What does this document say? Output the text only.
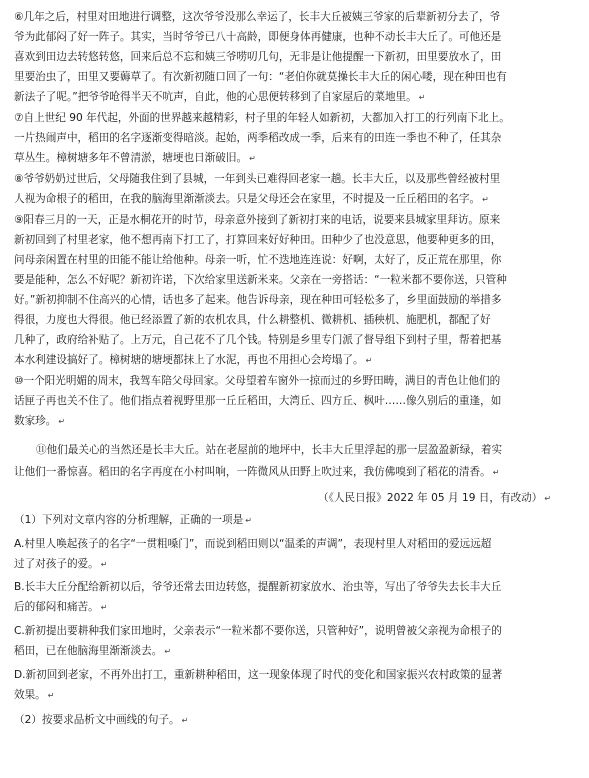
⑥几年之后，村里对田地进行调整，这次爷爷没那么幸运了，长丰大丘被姨三爷家的后辈新初分去了，爷
爷为此郁闷了好一阵子。其实，当时爷爷已八十高龄，即便身体再健康，也种不动长丰大丘了。可他还是
喜欢到田边去转悠转悠，回来后总不忘和姨三爷唠叨几句，无非是让他提醒一下新初，田里要放水了，田
里要治虫了，田里又要薅草了。有次新初随口回了一句：“老伯你就莫操长丰大丘的闲心喽，现在种田也有
新法子了呢。”把爷爷呛得半天不吭声，自此，他的心思便转移到了自家屋后的菜地里。 ↵
⑦自上世纪 90 年代起，外面的世界越来越精彩，村子里的年轻人如新初，大都加入打工的行列南下北上。
一片热闹声中，稻田的名字逐渐变得暗淡。起始，两季稻改成一季，后来有的田连一季也不种了，任其杂
草丛生。樟树塘多年不曾清淤，塘埂也日渐破旧。 ↵
⑧爷爷奶奶过世后，父母随我住到了县城，一年到头已难得回老家一趟。长丰大丘，以及那些曾经被村里
人视为命根子的稻田，在我的脑海里渐渐淡去。只是父母还会在家里，不时提及一丘丘稻田的名字。 ↵
⑨阳春三月的一天，正是水桐花开的时节，母亲意外接到了新初打来的电话，说要来县城家里拜访。原来
新初回到了村里老家，他不想再南下打工了，打算回来好好种田。田种少了也没意思，他要种更多的田，
问母亲闲置在村里的田能不能让给他种。母亲一听，忙不迭地连连说：好啊，太好了，反正荒在那里，你
要是能种，怎么不好呢？新初许诺，下次给家里送新米来。父亲在一旁搭话：“一粒米都不要你送，只管种
好。”新初抑制不住高兴的心情，话也多了起来。他告诉母亲，现在种田可轻松多了，乡里面鼓励的举措多
得很，力度也大得很。他已经添置了新的农机农具，什么耕整机、微耕机、插秧机、施肥机，都配了好
几种了，政府给补贴了。上万元，自己花不了几个钱。特别是乡里专门派了督导组下到村子里，帮着把基
本水利建设搞好了。樟树塘的塘埂都抹上了水泥，再也不用担心会垮塌了。 ↵
⑩一个阳光明媚的周末，我驾车陪父母回家。父母望着车窗外一掠而过的乡野田畴，满目的青色让他们的
话匣子再也关不住了。他们指点着视野里那一丘丘稻田，大湾丘、四方丘、枫叶……像久别后的重逢，如
数家珍。 ↵
⑪他们最关心的当然还是长丰大丘。站在老屋前的地坪中，长丰大丘里浮起的那一层盈盈新绿，着实
让他们一番惊喜。稻田的名字再度在小村叫响，一阵微风从田野上吹过来，我仿佛嗅到了稻花的清香。 ↵
（《人民日报》2022 年 05 月 19 日，有改动） ↵
（1）下列对文章内容的分析理解，正确的一项是 ↵
A.村里人唤起孩子的名字“一贯粗嗓门”，而说到稻田则以“温柔的声调”，表现村里人对稻田的爱远远超
过了对孩子的爱。 ↵
B.长丰大丘分配给新初以后，爷爷还常去田边转悠，提醒新初家放水、治虫等，写出了爷爷失去长丰大丘
后的郁闷和痛苦。 ↵
C.新初提出要耕种我们家田地时，父亲表示“一粒米都不要你送，只管种好”，说明曾被父亲视为命根子的
稻田，已在他脑海里渐渐淡去。 ↵
D.新初回到老家，不再外出打工，重新耕种稻田，这一现象体现了时代的变化和国家振兴农村政策的显著
效果。 ↵
（2）按要求品析文中画线的句子。 ↵
